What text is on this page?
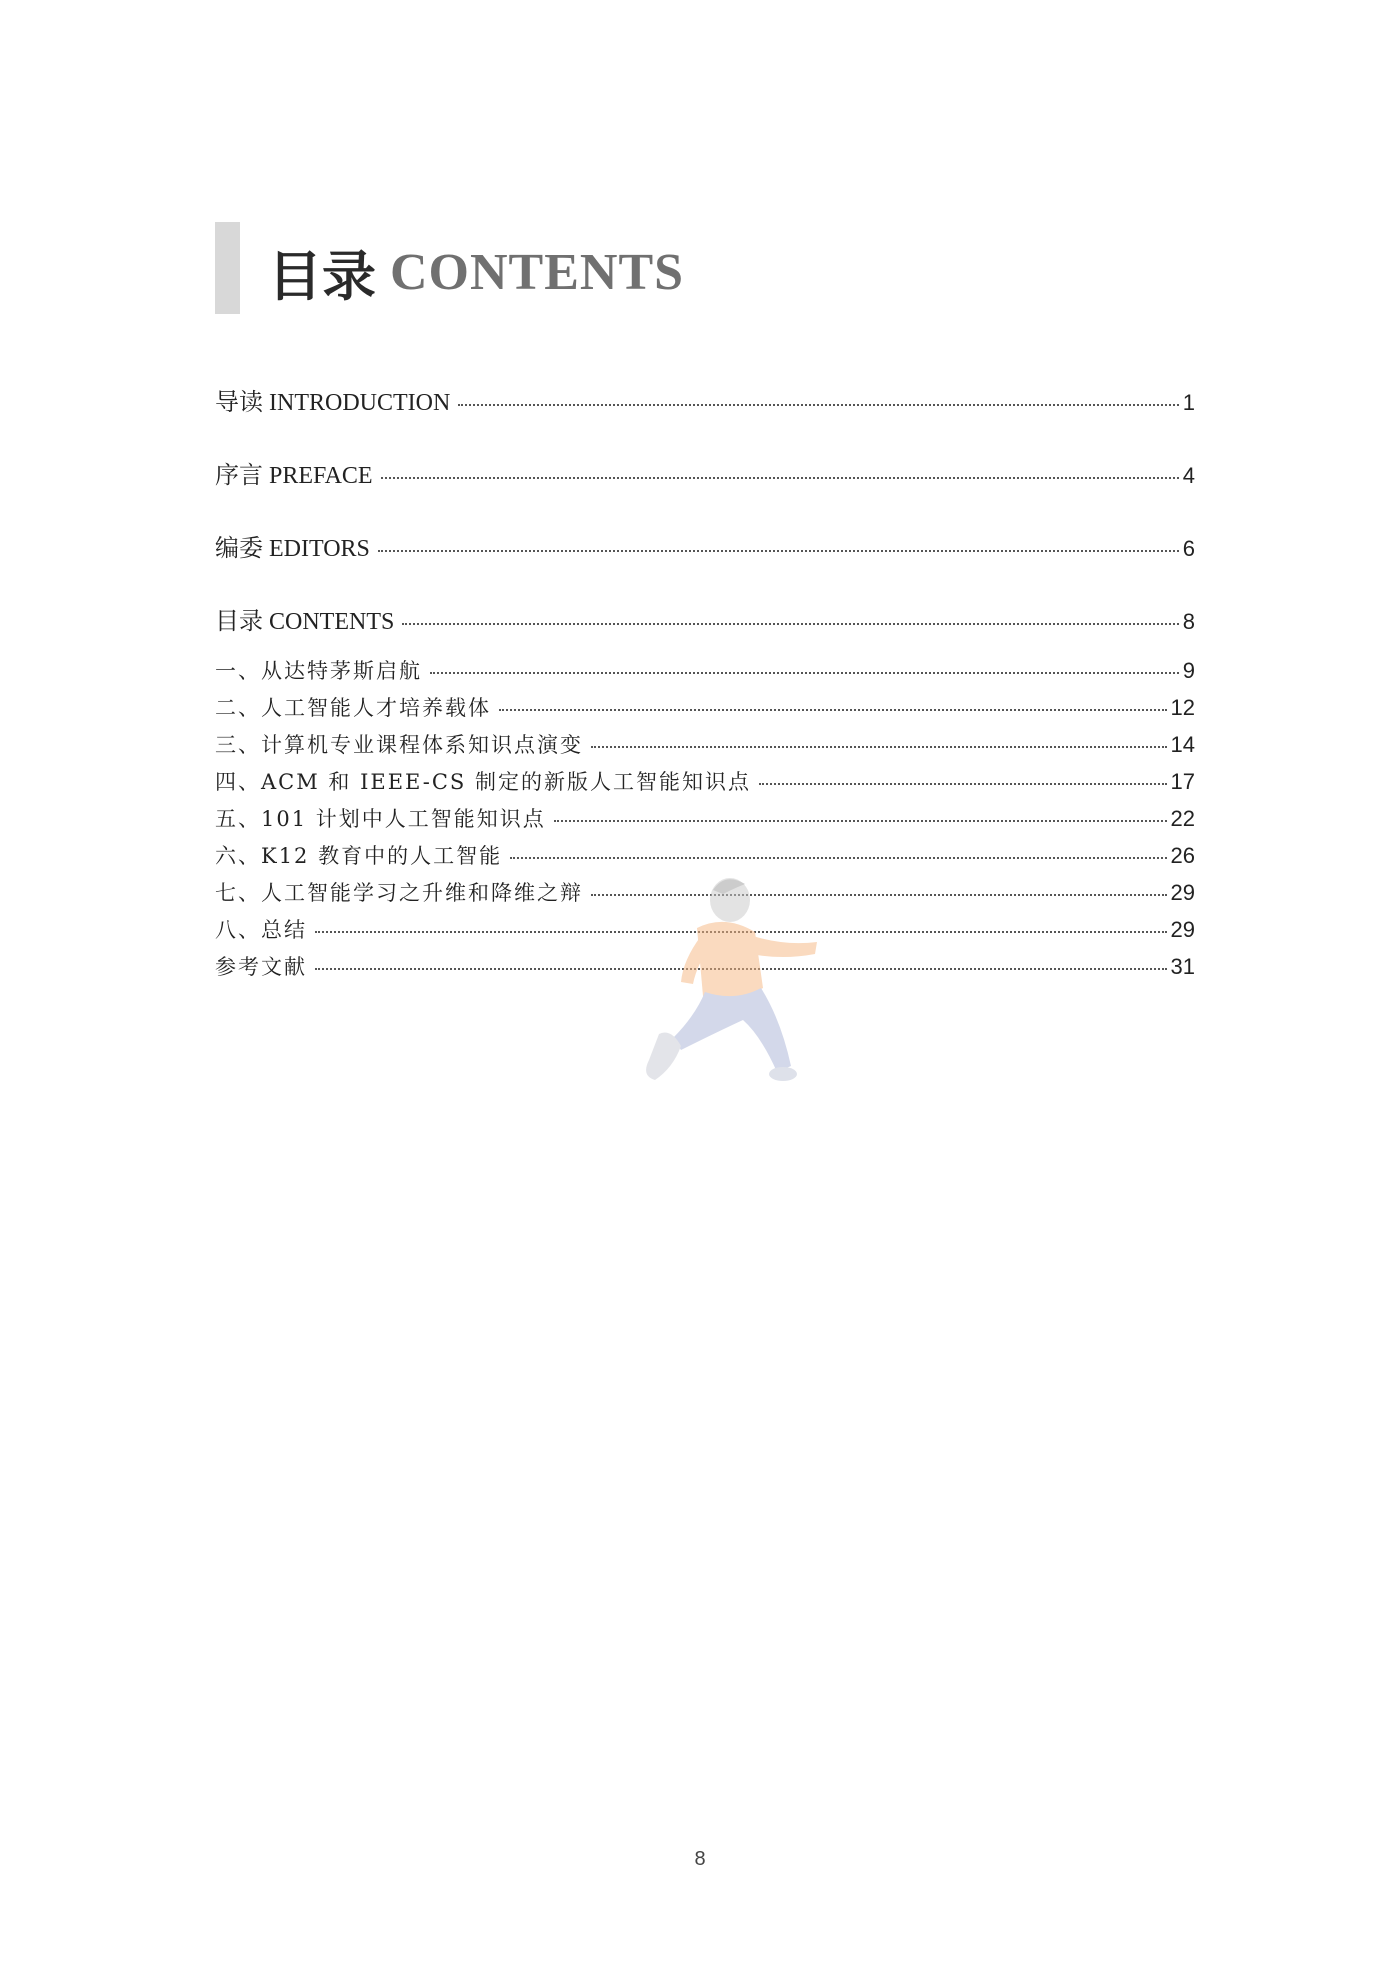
目录 CONTENTS
导读 INTRODUCTION	1
序言 PREFACE	4
编委 EDITORS	6
目录 CONTENTS	8
一、从达特茅斯启航	9
二、人工智能人才培养载体	12
三、计算机专业课程体系知识点演变	14
四、ACM 和 IEEE-CS 制定的新版人工智能知识点	17
五、101 计划中人工智能知识点	22
六、K12 教育中的人工智能	26
七、人工智能学习之升维和降维之辩	29
八、总结	29
参考文献	31
8
